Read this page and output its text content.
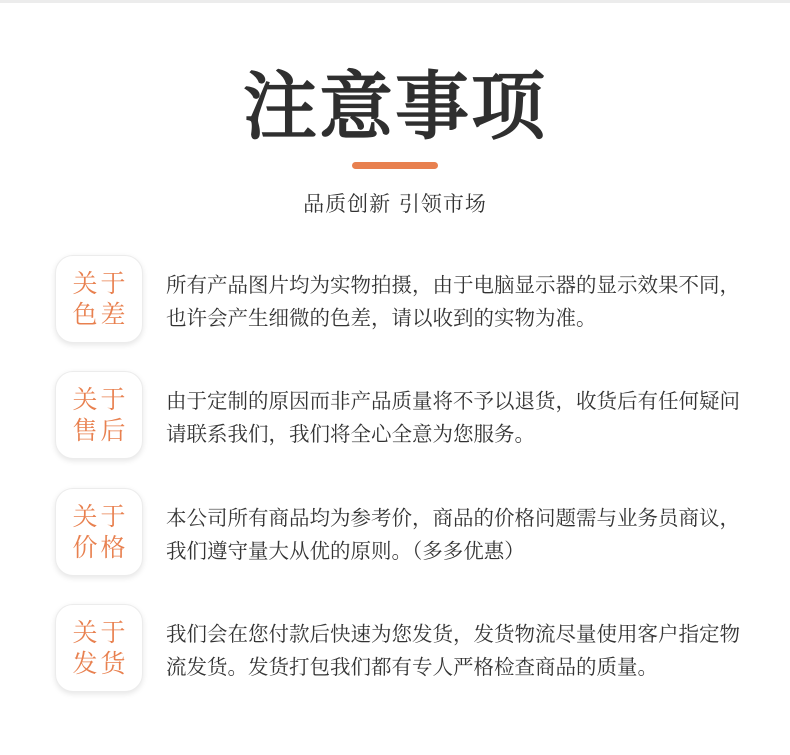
注意事项
品质创新 引领市场
关于
色差

所有产品图片均为实物拍摄，由于电脑显示器的显示效果不同，也许会产生细微的色差，请以收到的实物为准。

关于
售后

由于定制的原因而非产品质量将不予以退货，收货后有任何疑问请联系我们，我们将全心全意为您服务。

关于
价格

本公司所有商品均为参考价，商品的价格问题需与业务员商议，我们遵守量大从优的原则。（多多优惠）

关于
发货

我们会在您付款后快速为您发货，发货物流尽量使用客户指定物流发货。发货打包我们都有专人严格检查商品的质量。
